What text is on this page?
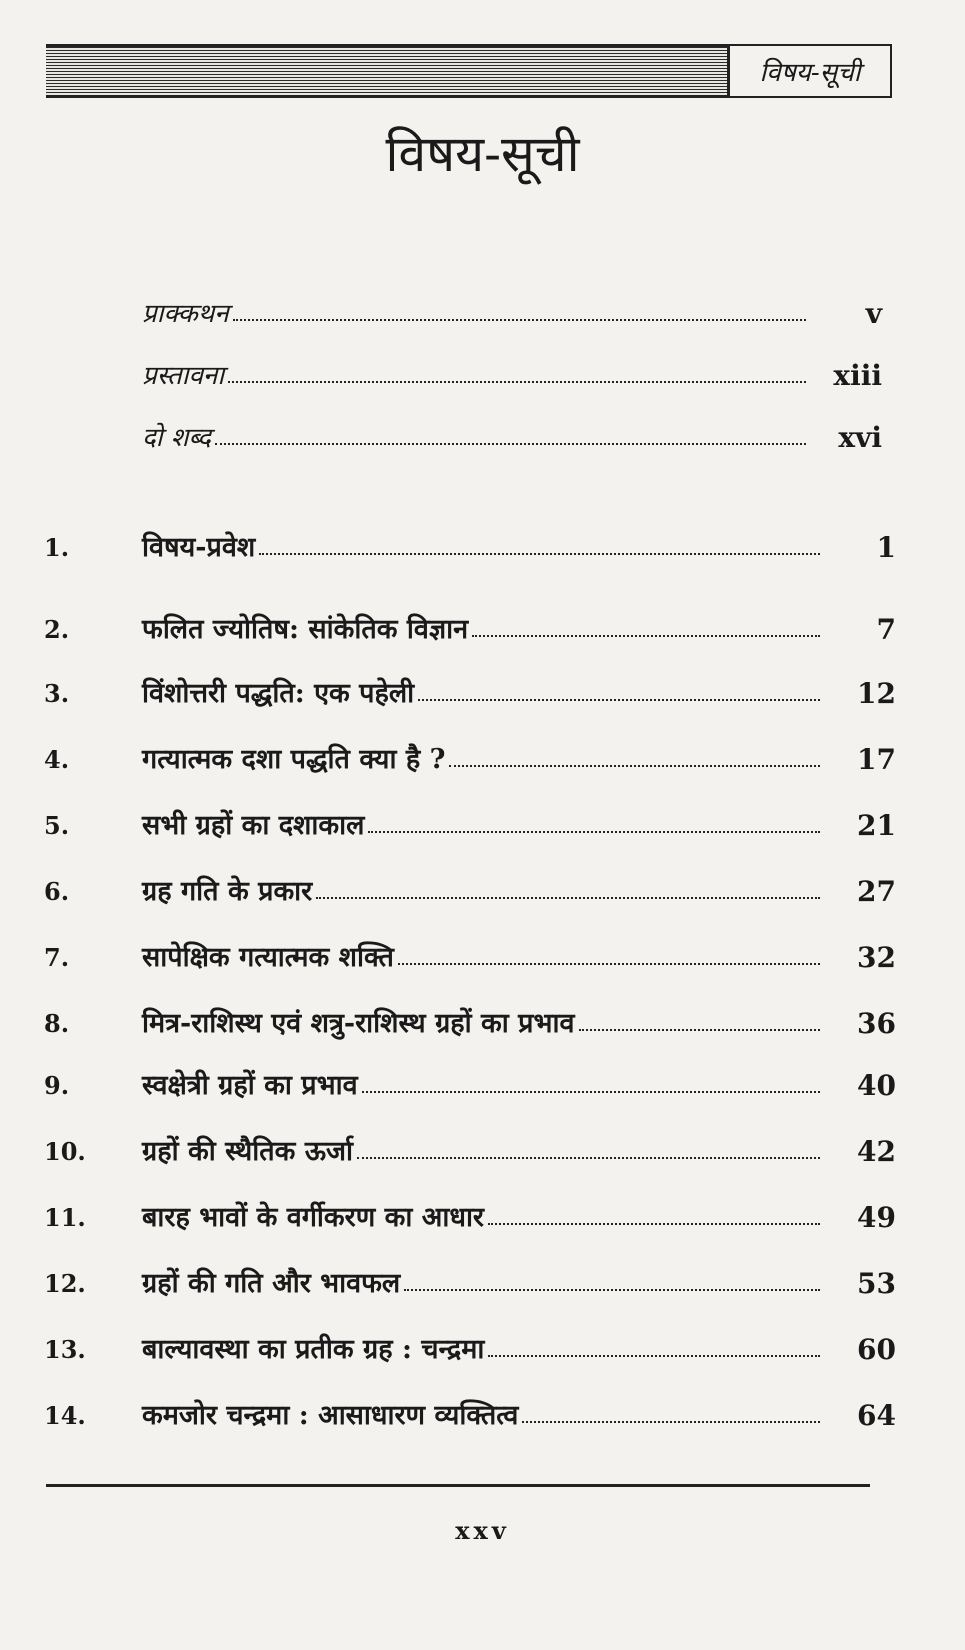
विषय-सूची
विषय-सूची
प्राक्कथन	v
प्रस्तावना	xiii
दो शब्द	xvi
1.	विषय-प्रवेश	1
2.	फलित ज्योतिष: सांकेतिक विज्ञान	7
3.	विंशोत्तरी पद्धति: एक पहेली	12
4.	गत्यात्मक दशा पद्धति क्या है ?	17
5.	सभी ग्रहों का दशाकाल	21
6.	ग्रह गति के प्रकार	27
7.	सापेक्षिक गत्यात्मक शक्ति	32
8.	मित्र-राशिस्थ एवं शत्रु-राशिस्थ ग्रहों का प्रभाव	36
9.	स्वक्षेत्री ग्रहों का प्रभाव	40
10.	ग्रहों की स्थैतिक ऊर्जा	42
11.	बारह भावों के वर्गीकरण का आधार	49
12.	ग्रहों की गति और भावफल	53
13.	बाल्यावस्था का प्रतीक ग्रह : चन्द्रमा	60
14.	कमजोर चन्द्रमा : आसाधारण व्यक्तित्व	64
xxv
